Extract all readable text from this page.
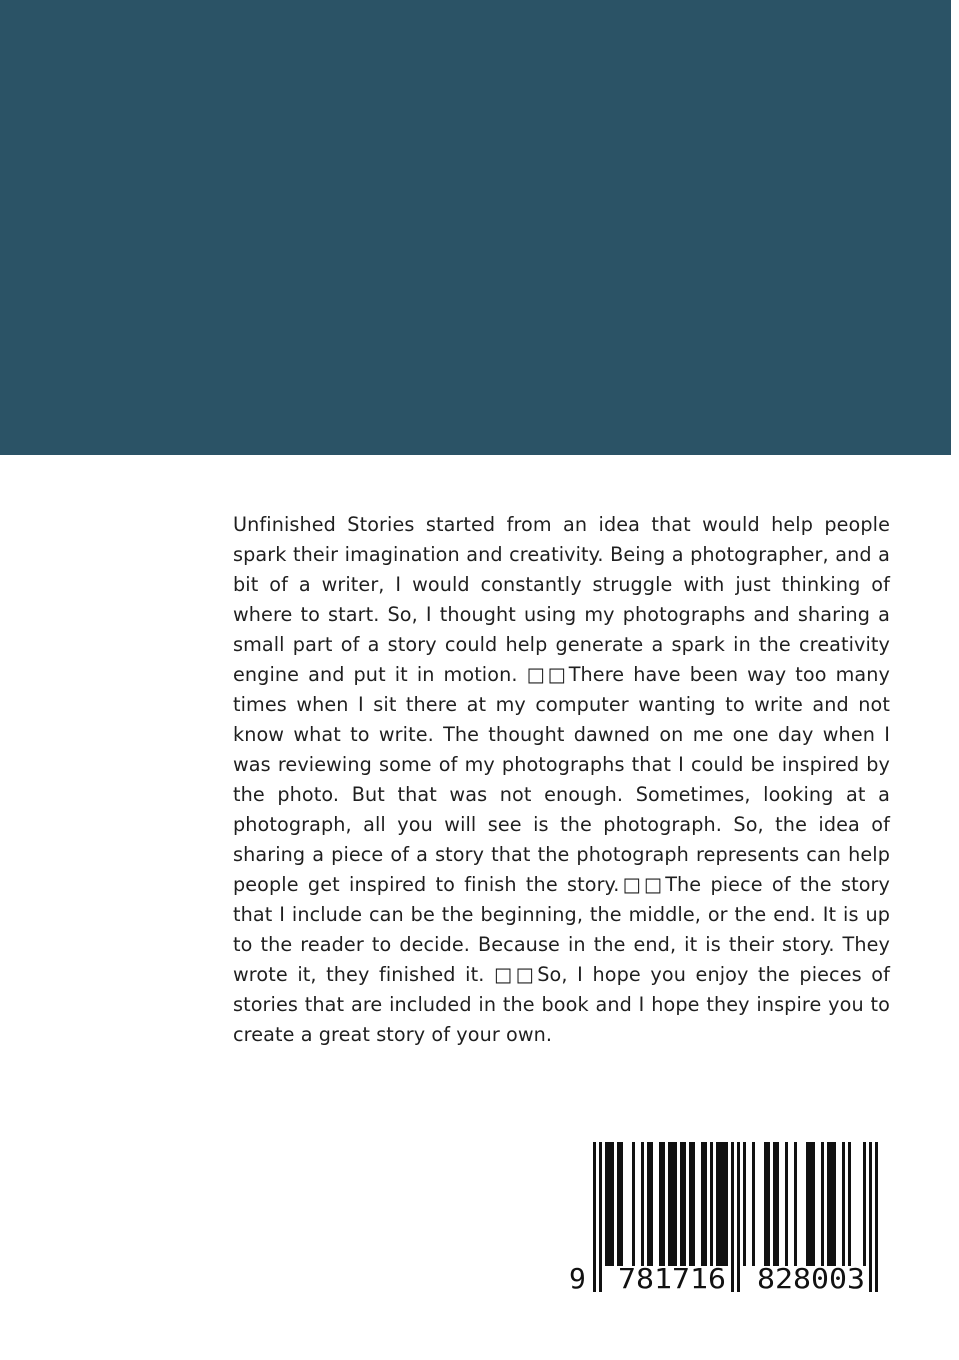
Unfinished Stories started from an idea that would help people spark their imagination and creativity. Being a photographer, and a bit of a writer, I would constantly struggle with just thinking of where to start. So, I thought using my photographs and sharing a small part of a story could help generate a spark in the creativity engine and put it in motion. □□There have been way too many times when I sit there at my computer wanting to write and not know what to write. The thought dawned on me one day when I was reviewing some of my photographs that I could be inspired by the photo. But that was not enough. Sometimes, looking at a photograph, all you will see is the photograph. So, the idea of sharing a piece of a story that the photograph represents can help people get inspired to finish the story.□□The piece of the story that I include can be the beginning, the middle, or the end. It is up to the reader to decide. Because in the end, it is their story. They wrote it, they finished it. □□So, I hope you enjoy the pieces of stories that are included in the book and I hope they inspire you to create a great story of your own.

9 781716 828003
